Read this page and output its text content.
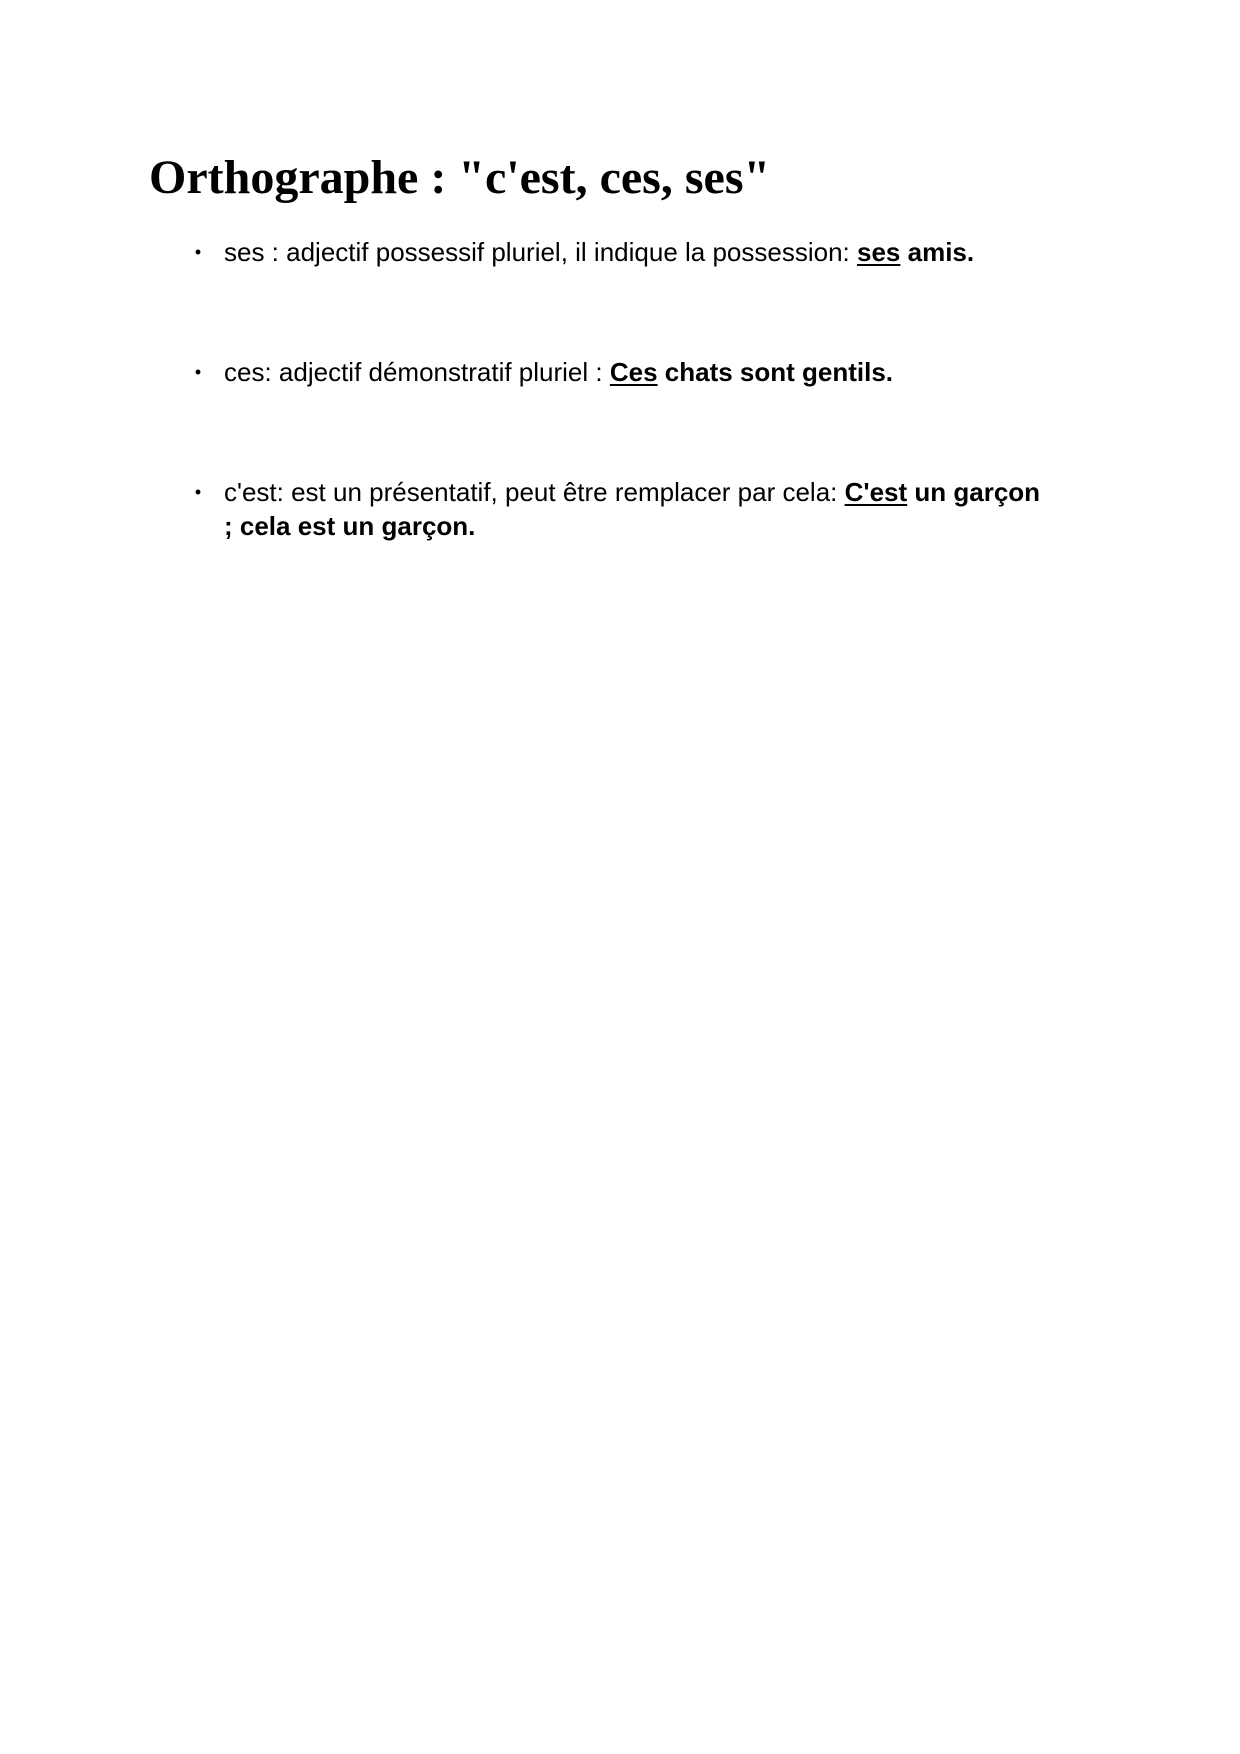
Orthographe : "c'est, ces, ses"
• ses : adjectif possessif pluriel, il indique la possession: ses amis.
• ces: adjectif démonstratif pluriel : Ces chats sont gentils.
• c'est: est un présentatif, peut être remplacer par cela: C'est un garçon ; cela est un garçon.
